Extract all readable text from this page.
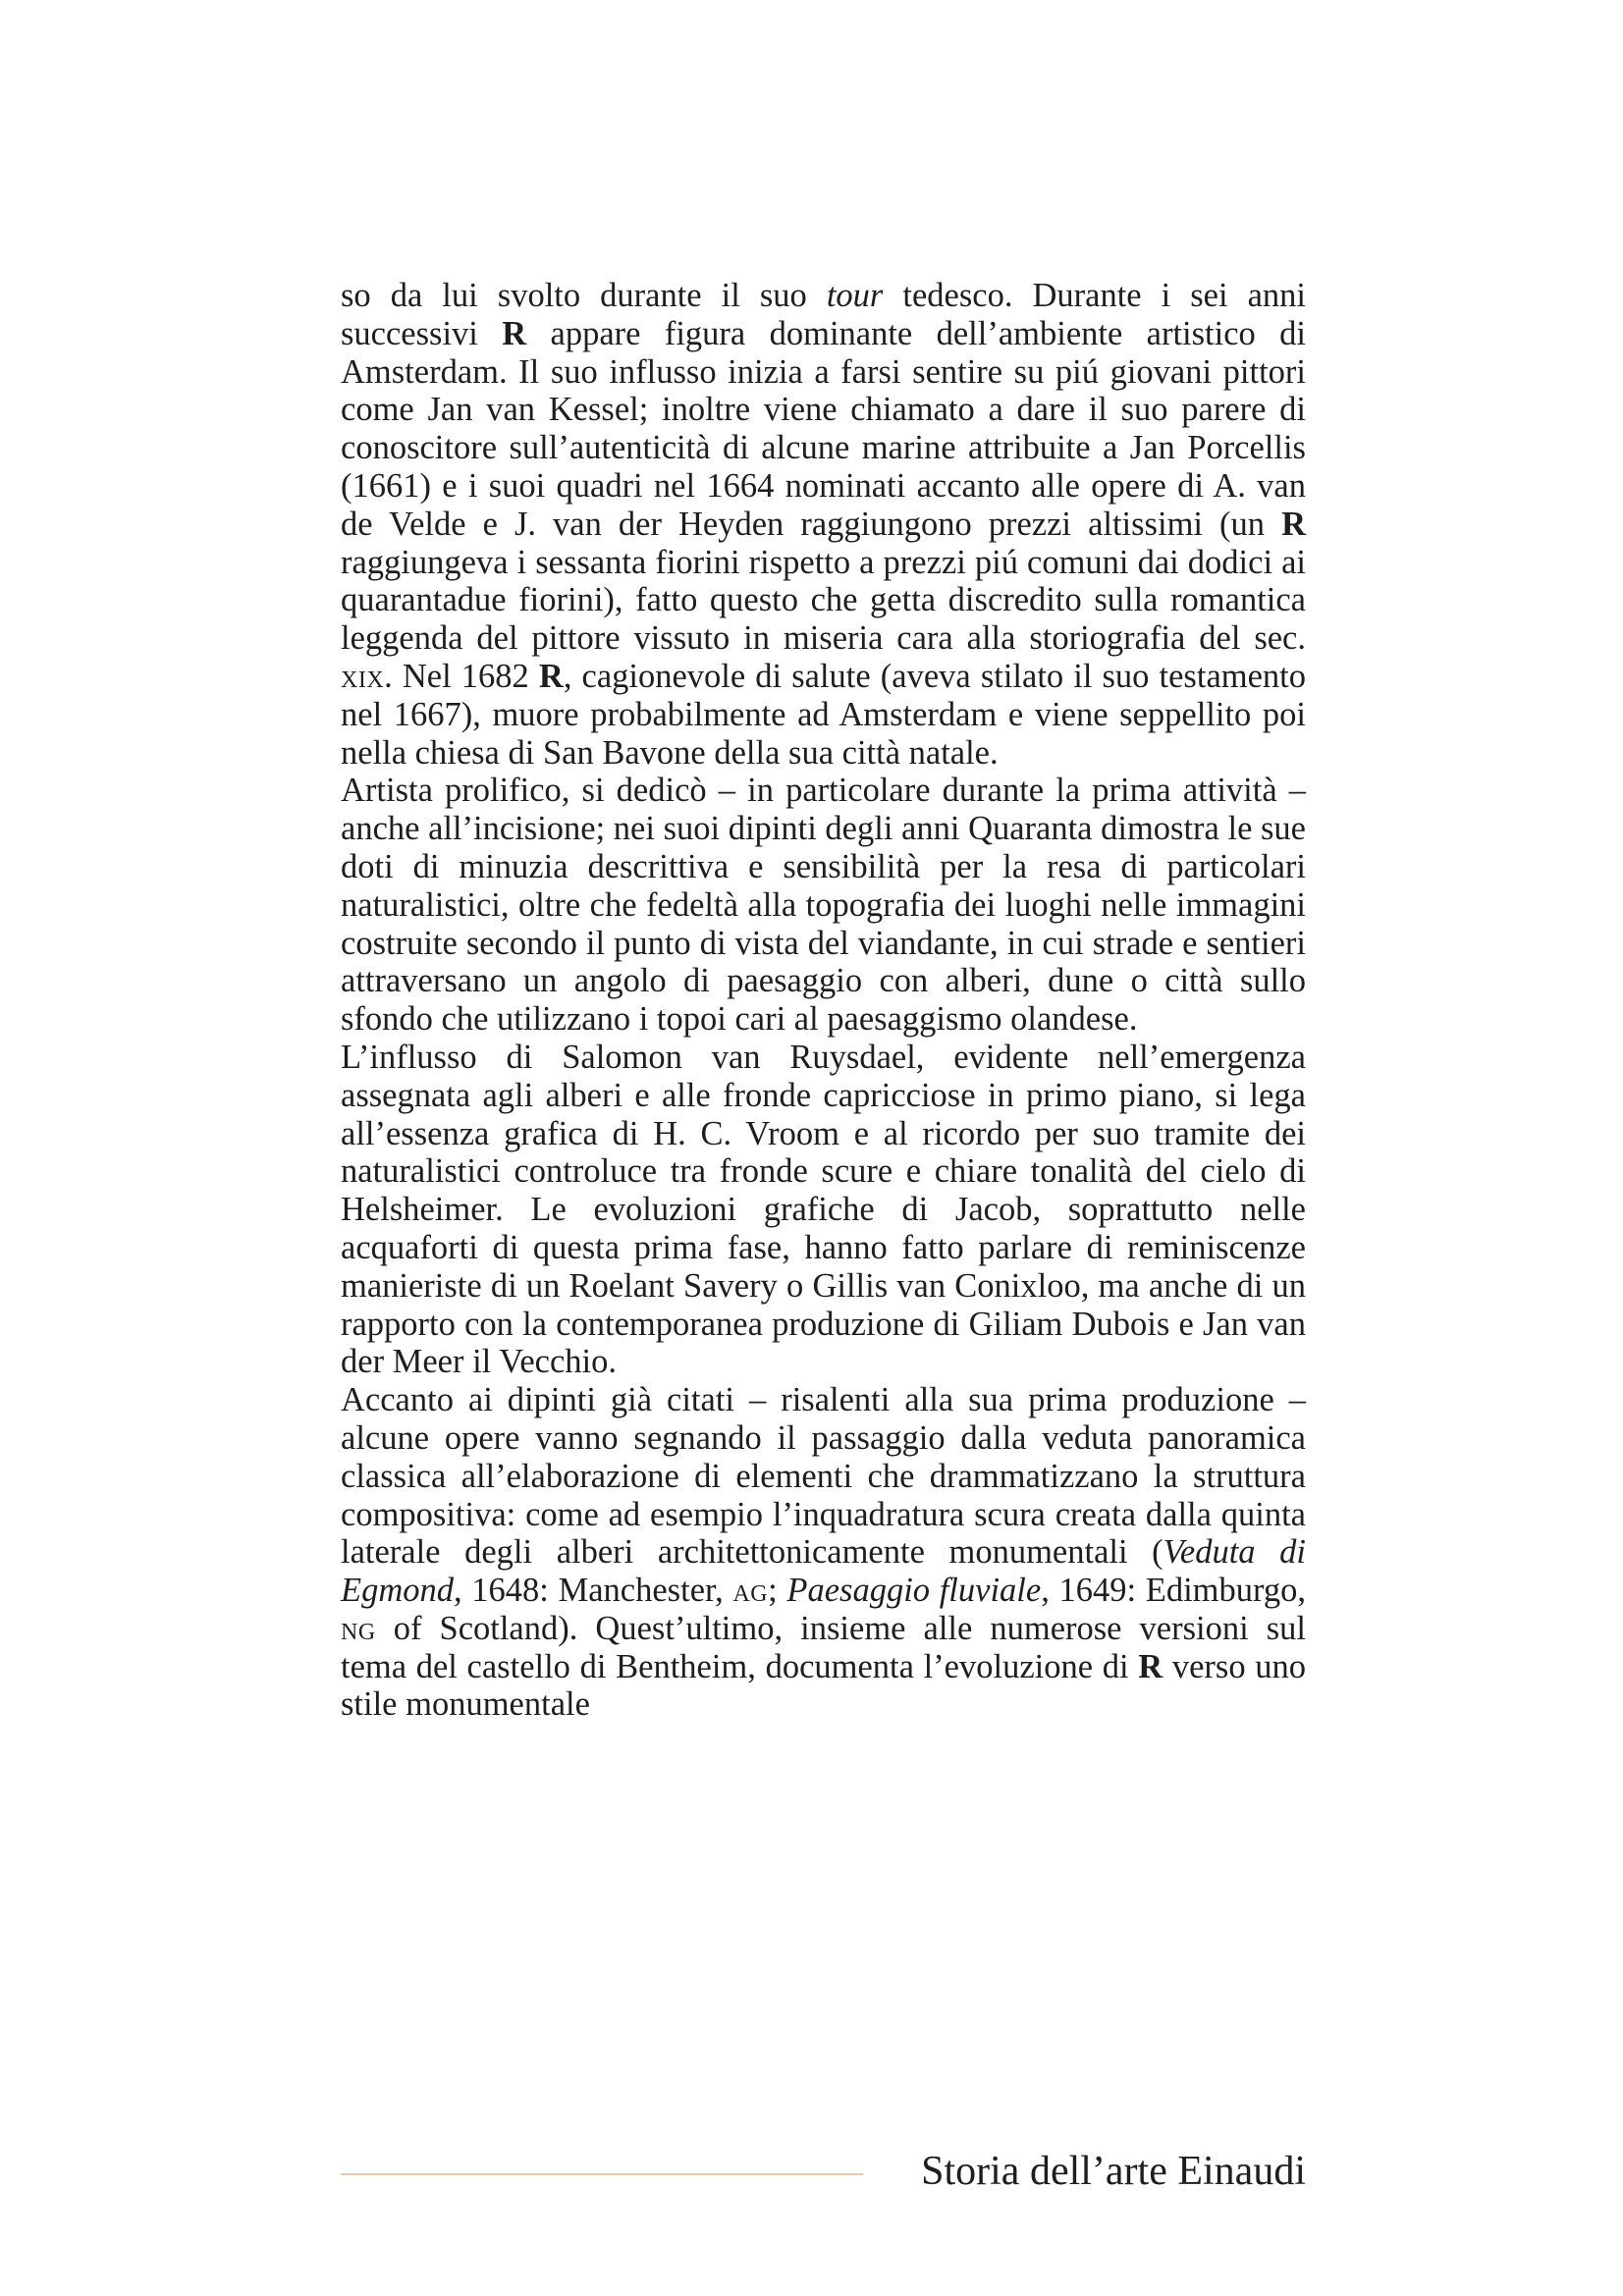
so da lui svolto durante il suo tour tedesco. Durante i sei anni successivi R appare figura dominante dell’ambiente artistico di Amsterdam. Il suo influsso inizia a farsi sentire su piú giovani pittori come Jan van Kessel; inoltre viene chiamato a dare il suo parere di conoscitore sull’autenticità di alcune marine attribuite a Jan Porcellis (1661) e i suoi quadri nel 1664 nominati accanto alle opere di A. van de Velde e J. van der Heyden raggiungono prezzi altissimi (un R raggiungeva i sessanta fiorini rispetto a prezzi piú comuni dai dodici ai quarantadue fiorini), fatto questo che getta discredito sulla romantica leggenda del pittore vissuto in miseria cara alla storiografia del sec. xix. Nel 1682 R, cagionevole di salute (aveva stilato il suo testamento nel 1667), muore probabilmente ad Amsterdam e viene seppellito poi nella chiesa di San Bavone della sua città natale.

Artista prolifico, si dedicò – in particolare durante la prima attività – anche all’incisione; nei suoi dipinti degli anni Quaranta dimostra le sue doti di minuzia descrittiva e sensibilità per la resa di particolari naturalistici, oltre che fedeltà alla topografia dei luoghi nelle immagini costruite secondo il punto di vista del viandante, in cui strade e sentieri attraversano un angolo di paesaggio con alberi, dune o città sullo sfondo che utilizzano i topoi cari al paesaggismo olandese.

L’influsso di Salomon van Ruysdael, evidente nell’emergenza assegnata agli alberi e alle fronde capricciose in primo piano, si lega all’essenza grafica di H. C. Vroom e al ricordo per suo tramite dei naturalistici controluce tra fronde scure e chiare tonalità del cielo di Helsheimer. Le evoluzioni grafiche di Jacob, soprattutto nelle acquaforti di questa prima fase, hanno fatto parlare di reminiscenze manieriste di un Roelant Savery o Gillis van Conixloo, ma anche di un rapporto con la contemporanea produzione di Giliam Dubois e Jan van der Meer il Vecchio.

Accanto ai dipinti già citati – risalenti alla sua prima produzione – alcune opere vanno segnando il passaggio dalla veduta panoramica classica all’elaborazione di elementi che drammatizzano la struttura compositiva: come ad esempio l’inquadratura scura creata dalla quinta laterale degli alberi architettonicamente monumentali (Veduta di Egmond, 1648: Manchester, ag; Paesaggio fluviale, 1649: Edimburgo, ng of Scotland). Quest’ultimo, insieme alle numerose versioni sul tema del castello di Bentheim, documenta l’evoluzione di R verso uno stile monumentale

Storia dell’arte Einaudi
